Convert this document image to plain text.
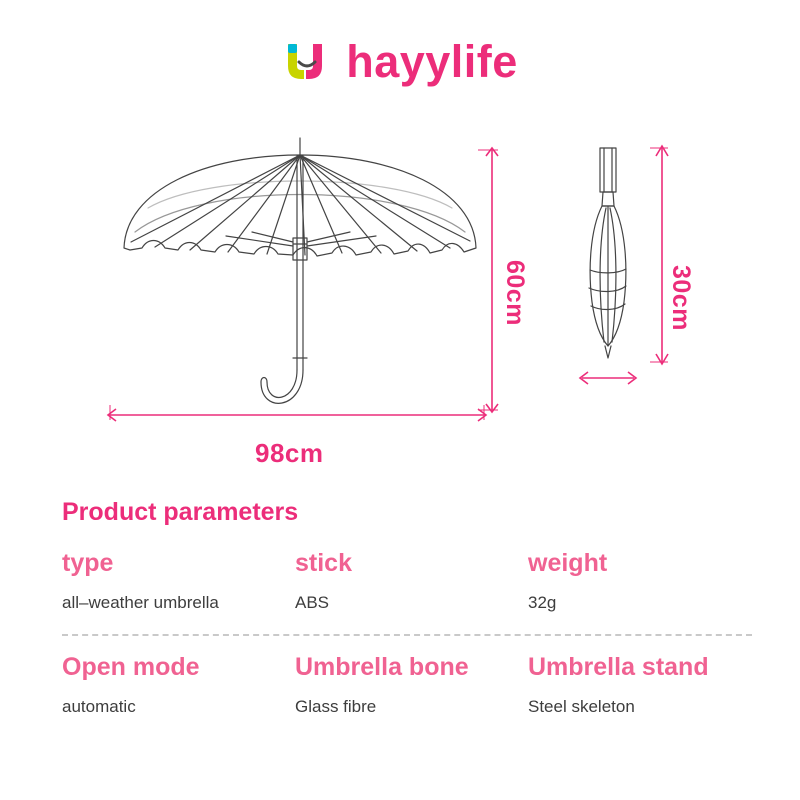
hayylife
60cm	30cm
98cm
Product parameters
type
all–weather umbrella
stick
ABS
weight
32g
Open mode
automatic
Umbrella bone
Glass fibre
Umbrella stand
Steel skeleton
